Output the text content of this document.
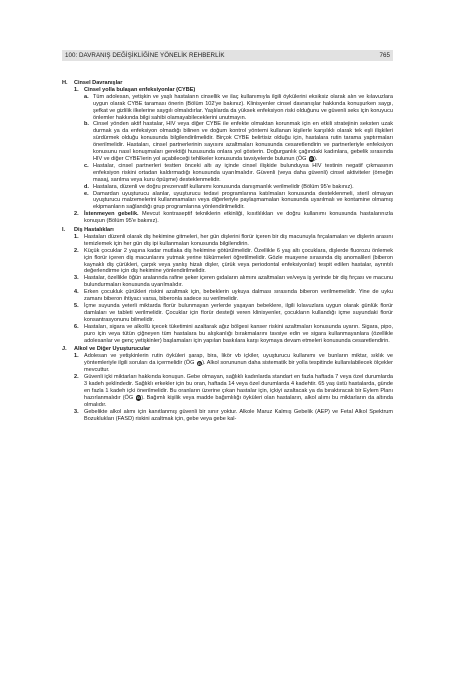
100: DAVRANIŞ DEĞİŞİKLİĞİNE YÖNELİK REHBERLİK	765
H.	Cinsel Davranışlar
1. Cinsel yolla bulaşan enfeksiyonlar (CYBE)
a. Tüm adolesan, yetişkin ve yaşlı hastaların cinsellik ve ilaç kullanımıyla ilgili öykülerini eksiksiz olarak alın ve kılavuzlara uygun olarak CYBE taraması önerin (Bölüm 102'ye bakınız). Klinisyenler cinsel davranışlar hakkında konuşurken saygı, şefkat ve gizlilik ilkelerine saygılı olmalıdırlar. Yaşlılarda da yüksek enfeksiyon riski olduğunu ve güvenli seks için koruyucu önlemler hakkında bilgi sahibi olamayabileceklerini unutmayın.
b. Cinsel yönden aktif hastalar, HIV veya diğer CYBE ile enfekte olmaktan korunmak için en etkili stratejinin seksten uzak durmak ya da enfeksiyon olmadığı bilinen ve doğum kontrol yöntemi kullanan kişilerle karşılıklı olarak tek eşli ilişkileri sürdürmek olduğu konusunda bilgilendirilmelidir. Birçok CYBE belirtisiz olduğu için, hastalara rutin tarama yaptırmaları önerilmelidir. Hastaları, cinsel partnerlerinin sayısını azaltmaları konusunda cesaretlendirin ve partnerleriyle enfeksiyon konusunu nasıl konuşmaları gerektiği hususunda onlara yol gösterin. Doğurganlık çağındaki kadınlara, gebelik sırasında HIV ve diğer CYBE'lerin yol açabileceği tehlikeler konusunda tavsiyelerde bulunun (ÖG G).
c. Hastalar, cinsel partnerleri testten önceki altı ay içinde cinsel ilişkide bulunduysa HIV testinin negatif çıkmasının enfeksiyon riskini ortadan kaldırmadığı konusunda uyarılmalıdır. Güvenli (veya daha güvenli) cinsel aktiviteler (örneğin masaj, sarılma veya kuru öpüşme) desteklenmelidir.
d. Hastalara, düzenli ve doğru prezervatif kullanımı konusunda danışmanlık verilmelidir (Bölüm 95'e bakınız).
e. Damardan uyuşturucu alanlar, uyuşturucu tedavi programlarına katılmaları konusunda desteklenmeli, steril olmayan uyuşturucu malzemelerini kullanmamaları veya diğerleriyle paylaşmamaları konusunda uyarılmalı ve kontamine olmamış ekipmanların sağlandığı grup programlarına yönlendirilmelidir.
2. İstenmeyen gebelik. Mevcut kontraseptif tekniklerin etkinliği, kısıtlılıkları ve doğru kullanımı konusunda hastalarınızla konuşun (Bölüm 95'e bakınız).
I.	Diş Hastalıkları
1. Hastaları düzenli olarak diş hekimine gitmeleri, her gün dişlerini florür içeren bir diş macunuyla fırçalamaları ve dişlerin arasını temizlemek için her gün diş ipi kullanmaları konusunda bilgilendirin.
2. Küçük çocuklar 2 yaşına kadar mutlaka diş hekimine götürülmelidir. Özellikle 6 yaş altı çocuklara, dişlerde fluorozu önlemek için florür içeren diş macunlarını yutmak yerine tükürmeleri öğretilmelidir. Gözle muayene sırasında diş anomalileri (biberon kaynaklı diş çürükleri, çarpık veya yanlış hizalı dişler, çürük veya periodontal enfeksiyonlar) tespit edilen hastalar, ayrıntılı değerlendirme için diş hekimine yönlendirilmelidir.
3. Hastalar, özellikle öğün aralarında rafine şeker içeren gıdaların alımını azaltmaları ve/veya iş yerinde bir diş fırçası ve macunu bulundurmaları konusunda uyarılmalıdır.
4. Erken çocukluk çürükleri riskini azaltmak için, bebeklerin uykuya dalması sırasında biberon verilmemelidir. Yine de uyku zamanı biberon ihtiyacı varsa, biberonla sadece su verilmelidir.
5. İçme suyunda yeterli miktarda florür bulunmayan yerlerde yaşayan bebeklere, ilgili kılavuzlara uygun olarak günlük florür damlaları ve tableti verilmelidir. Çocuklar için florür desteği veren klinisyenler, çocukların kullandığı içme suyundaki florür konsantrasyonunu bilmelidir.
6. Hastaları, sigara ve alkollü içecek tüketimini azaltarak ağız bölgesi kanser riskini azaltmaları konusunda uyarın. Sigara, pipo, puro için veya tütün çiğneyen tüm hastalara bu alışkanlığı bırakmalarını tavsiye edin ve sigara kullanmayanlara (özellikle adolesanlar ve genç yetişkinler) başlamaları için yapılan baskılara karşı koymaya devam etmeleri konusunda cesaretlendirin.
J.	Alkol ve Diğer Uyuşturucular
1. Adolesan ve yetişkinlerin rutin öyküleri şarap, bira, likör vb içkiler, uyuşturucu kullanımı ve bunların miktar, sıklık ve yöntemleriyle ilgili soruları da içermelidir (ÖG G). Alkol sorununun daha sistematik bir yolla tespitinde kullanılabilecek ölçekler mevcuttur.
2. Güvenli içki miktarları hakkında konuşun. Gebe olmayan, sağlıklı kadınlarda standart en fazla haftada 7 veya özel durumlarda 3 kadeh şeklindedir. Sağlıklı erkekler için bu oran, haftada 14 veya özel durumlarda 4 kadehtir. 65 yaş üstü hastalarda, günde en fazla 1 kadeh içki önerilmelidir. Bu oranların üzerine çıkan hastalar için, içkiyi azaltacak ya da bıraktıracak bir Eylem Planı hazırlanmalıdır (ÖG G). Bağımlı kişilik veya madde bağımlılığı öyküleri olan hastaların, alkol alımı bu miktarların da altında olmalıdır.
3. Gebelikte alkol alımı için kanıtlanmış güvenli bir sınır yoktur. Alkole Maruz Kalmış Gebelik (AEP) ve Fetal Alkol Spektrum Bozuklukları (FASD) riskini azaltmak için, gebe veya gebe kal-
